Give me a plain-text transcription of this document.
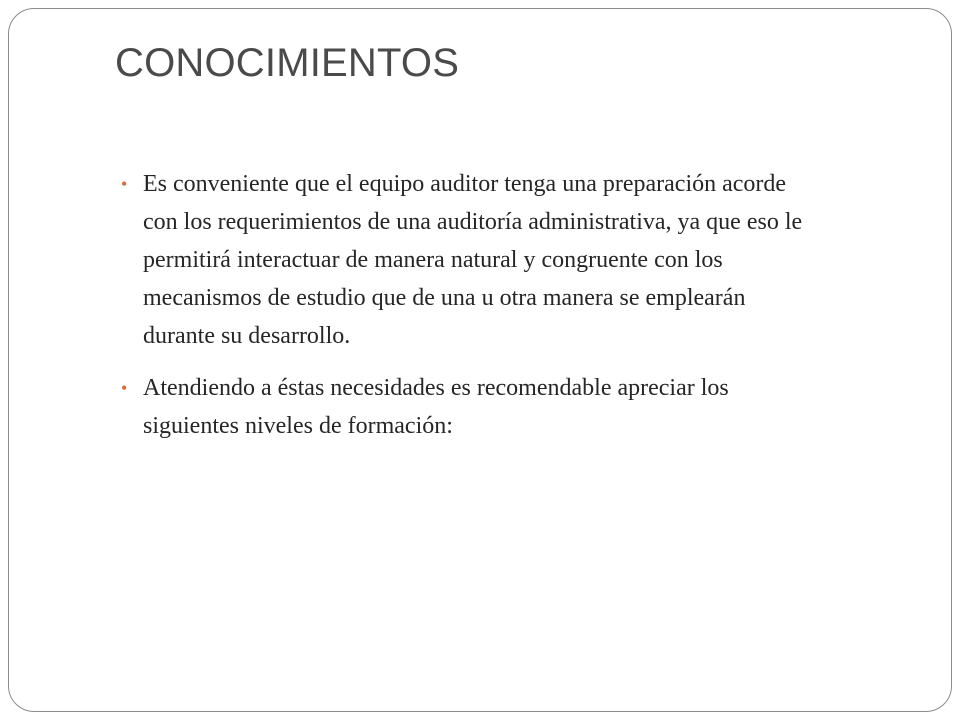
CONOCIMIENTOS
• Es conveniente que el equipo auditor tenga una preparación acorde con los requerimientos de una auditoría administrativa, ya que eso le permitirá interactuar de manera natural y congruente con los mecanismos de estudio que de una u otra manera se emplearán durante su desarrollo.
• Atendiendo a éstas necesidades es recomendable apreciar los siguientes niveles de formación:
